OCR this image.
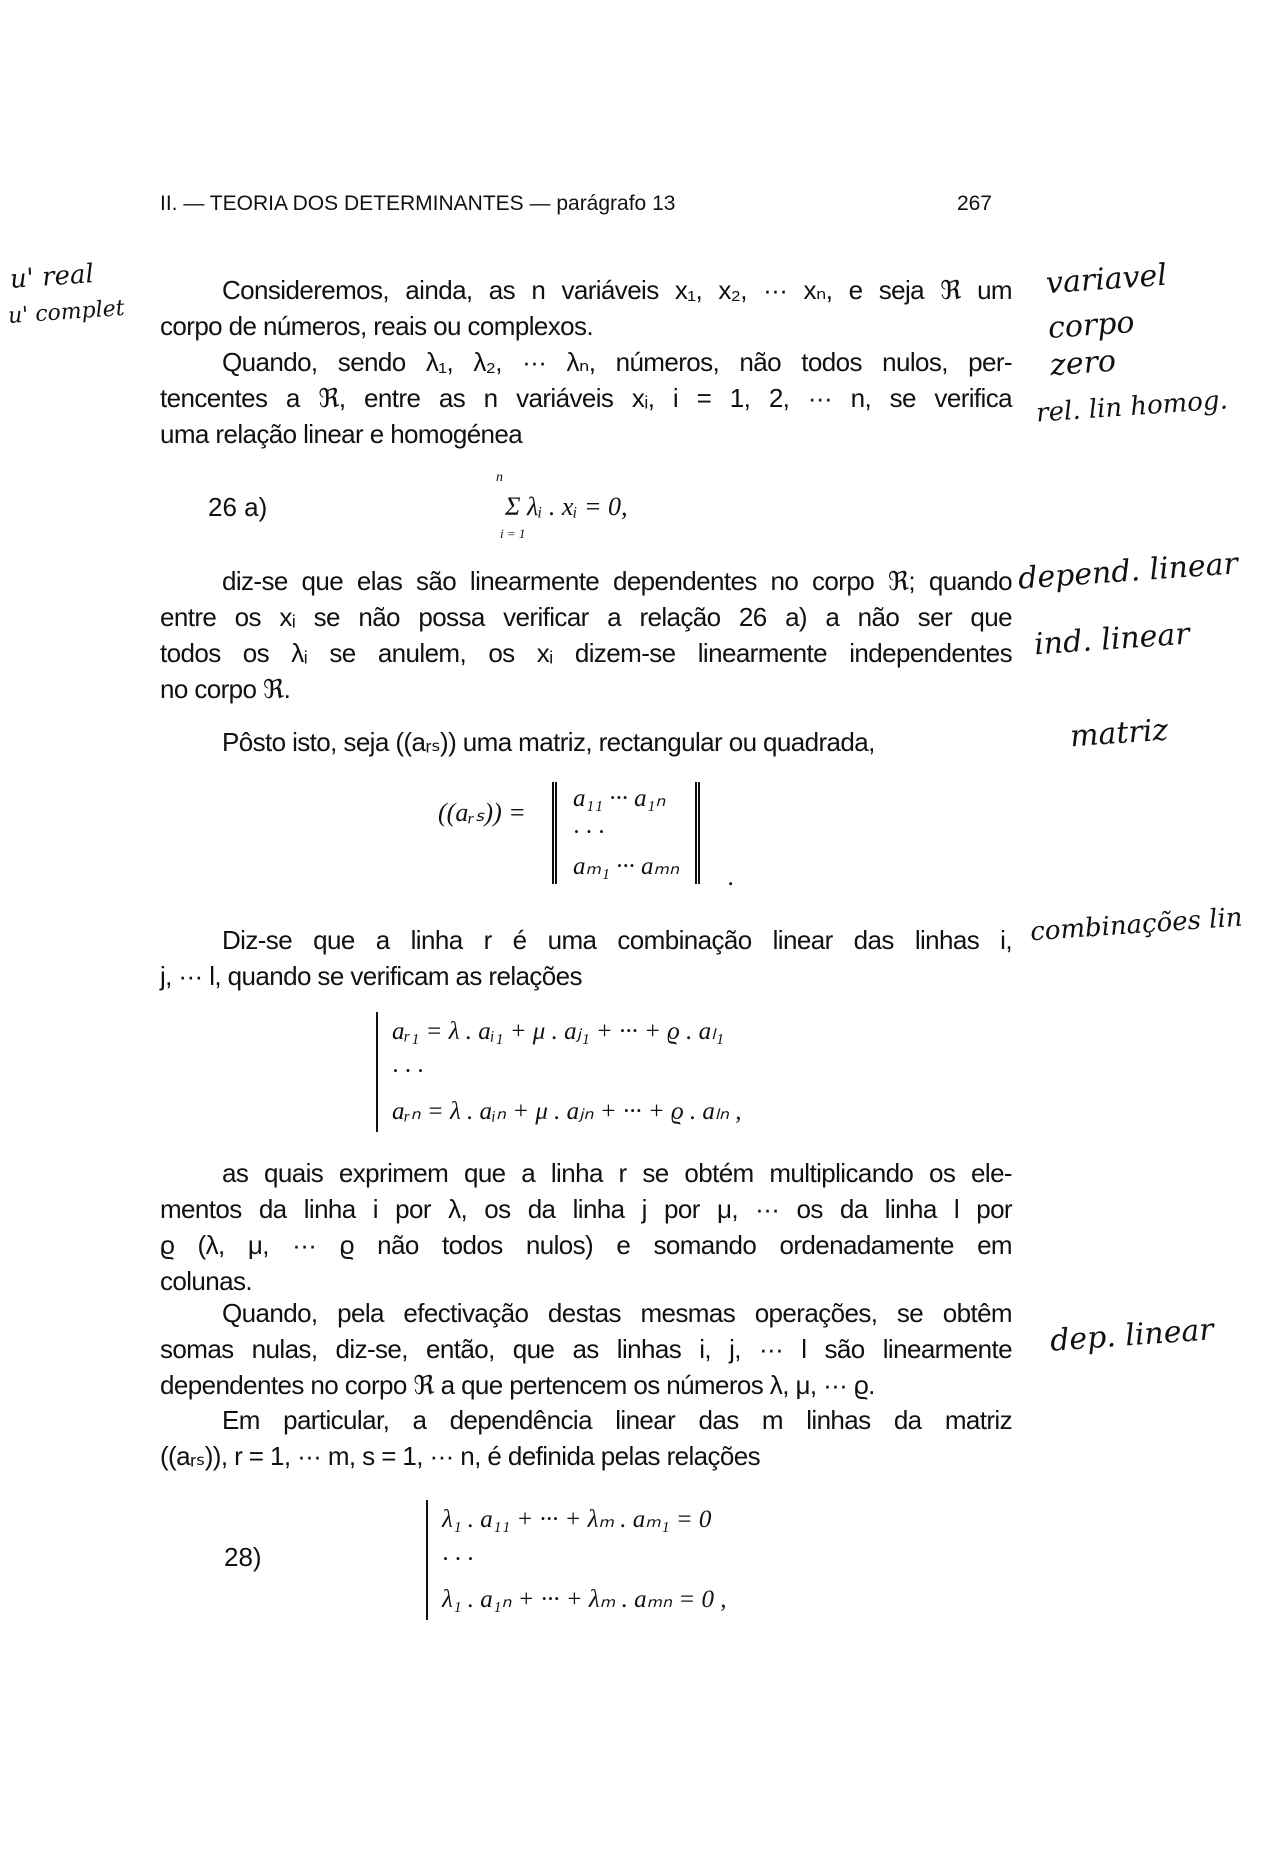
II. — TEORIA DOS DETERMINANTES — parágrafo 13	267
Consideremos, ainda, as n variáveis x₁, x₂, ··· xₙ, e seja ℜ um
corpo de números, reais ou complexos.
Quando, sendo λ₁, λ₂, ··· λₙ, números, não todos nulos, per-
tencentes a ℜ, entre as n variáveis xᵢ, i = 1, 2, ··· n, se verifica
uma relação linear e homogénea
26 a)
n
Σ λᵢ . xᵢ = 0,
i = 1
diz-se que elas são linearmente dependentes no corpo ℜ; quando
entre os xᵢ se não possa verificar a relação 26 a) a não ser que
todos os λᵢ se anulem, os xᵢ dizem-se linearmente independentes
no corpo ℜ.
Pôsto isto, seja ((aᵣₛ)) uma matriz, rectangular ou quadrada,
((aᵣₛ)) = a₁₁ ··· a₁ₙ
· · ·
aₘ₁ ··· aₘₙ .
Diz-se que a linha r é uma combinação linear das linhas i,
j, ··· l, quando se verificam as relações
aᵣ₁ = λ . aᵢ₁ + μ . aⱼ₁ + ··· + ϱ . aₗ₁
· · ·
aᵣₙ = λ . aᵢₙ + μ . aⱼₙ + ··· + ϱ . aₗₙ ,
as quais exprimem que a linha r se obtém multiplicando os ele-
mentos da linha i por λ, os da linha j por μ, ··· os da linha l por
ϱ (λ, μ, ··· ϱ não todos nulos) e somando ordenadamente em
colunas.
Quando, pela efectivação destas mesmas operações, se obtêm
somas nulas, diz-se, então, que as linhas i, j, ··· l são linearmente
dependentes no corpo ℜ a que pertencem os números λ, μ, ··· ϱ.
Em particular, a dependência linear das m linhas da matriz
((aᵣₛ)), r = 1, ··· m, s = 1, ··· n, é definida pelas relações
28)
λ₁ . a₁₁ + ··· + λₘ . aₘ₁ = 0
· · ·
λ₁ . a₁ₙ + ··· + λₘ . aₘₙ = 0 ,
u' real
u' complet
variavel
corpo
zero
rel. lin homog.
depend. linear
ind. linear
matriz
combinações lin
dep. linear
